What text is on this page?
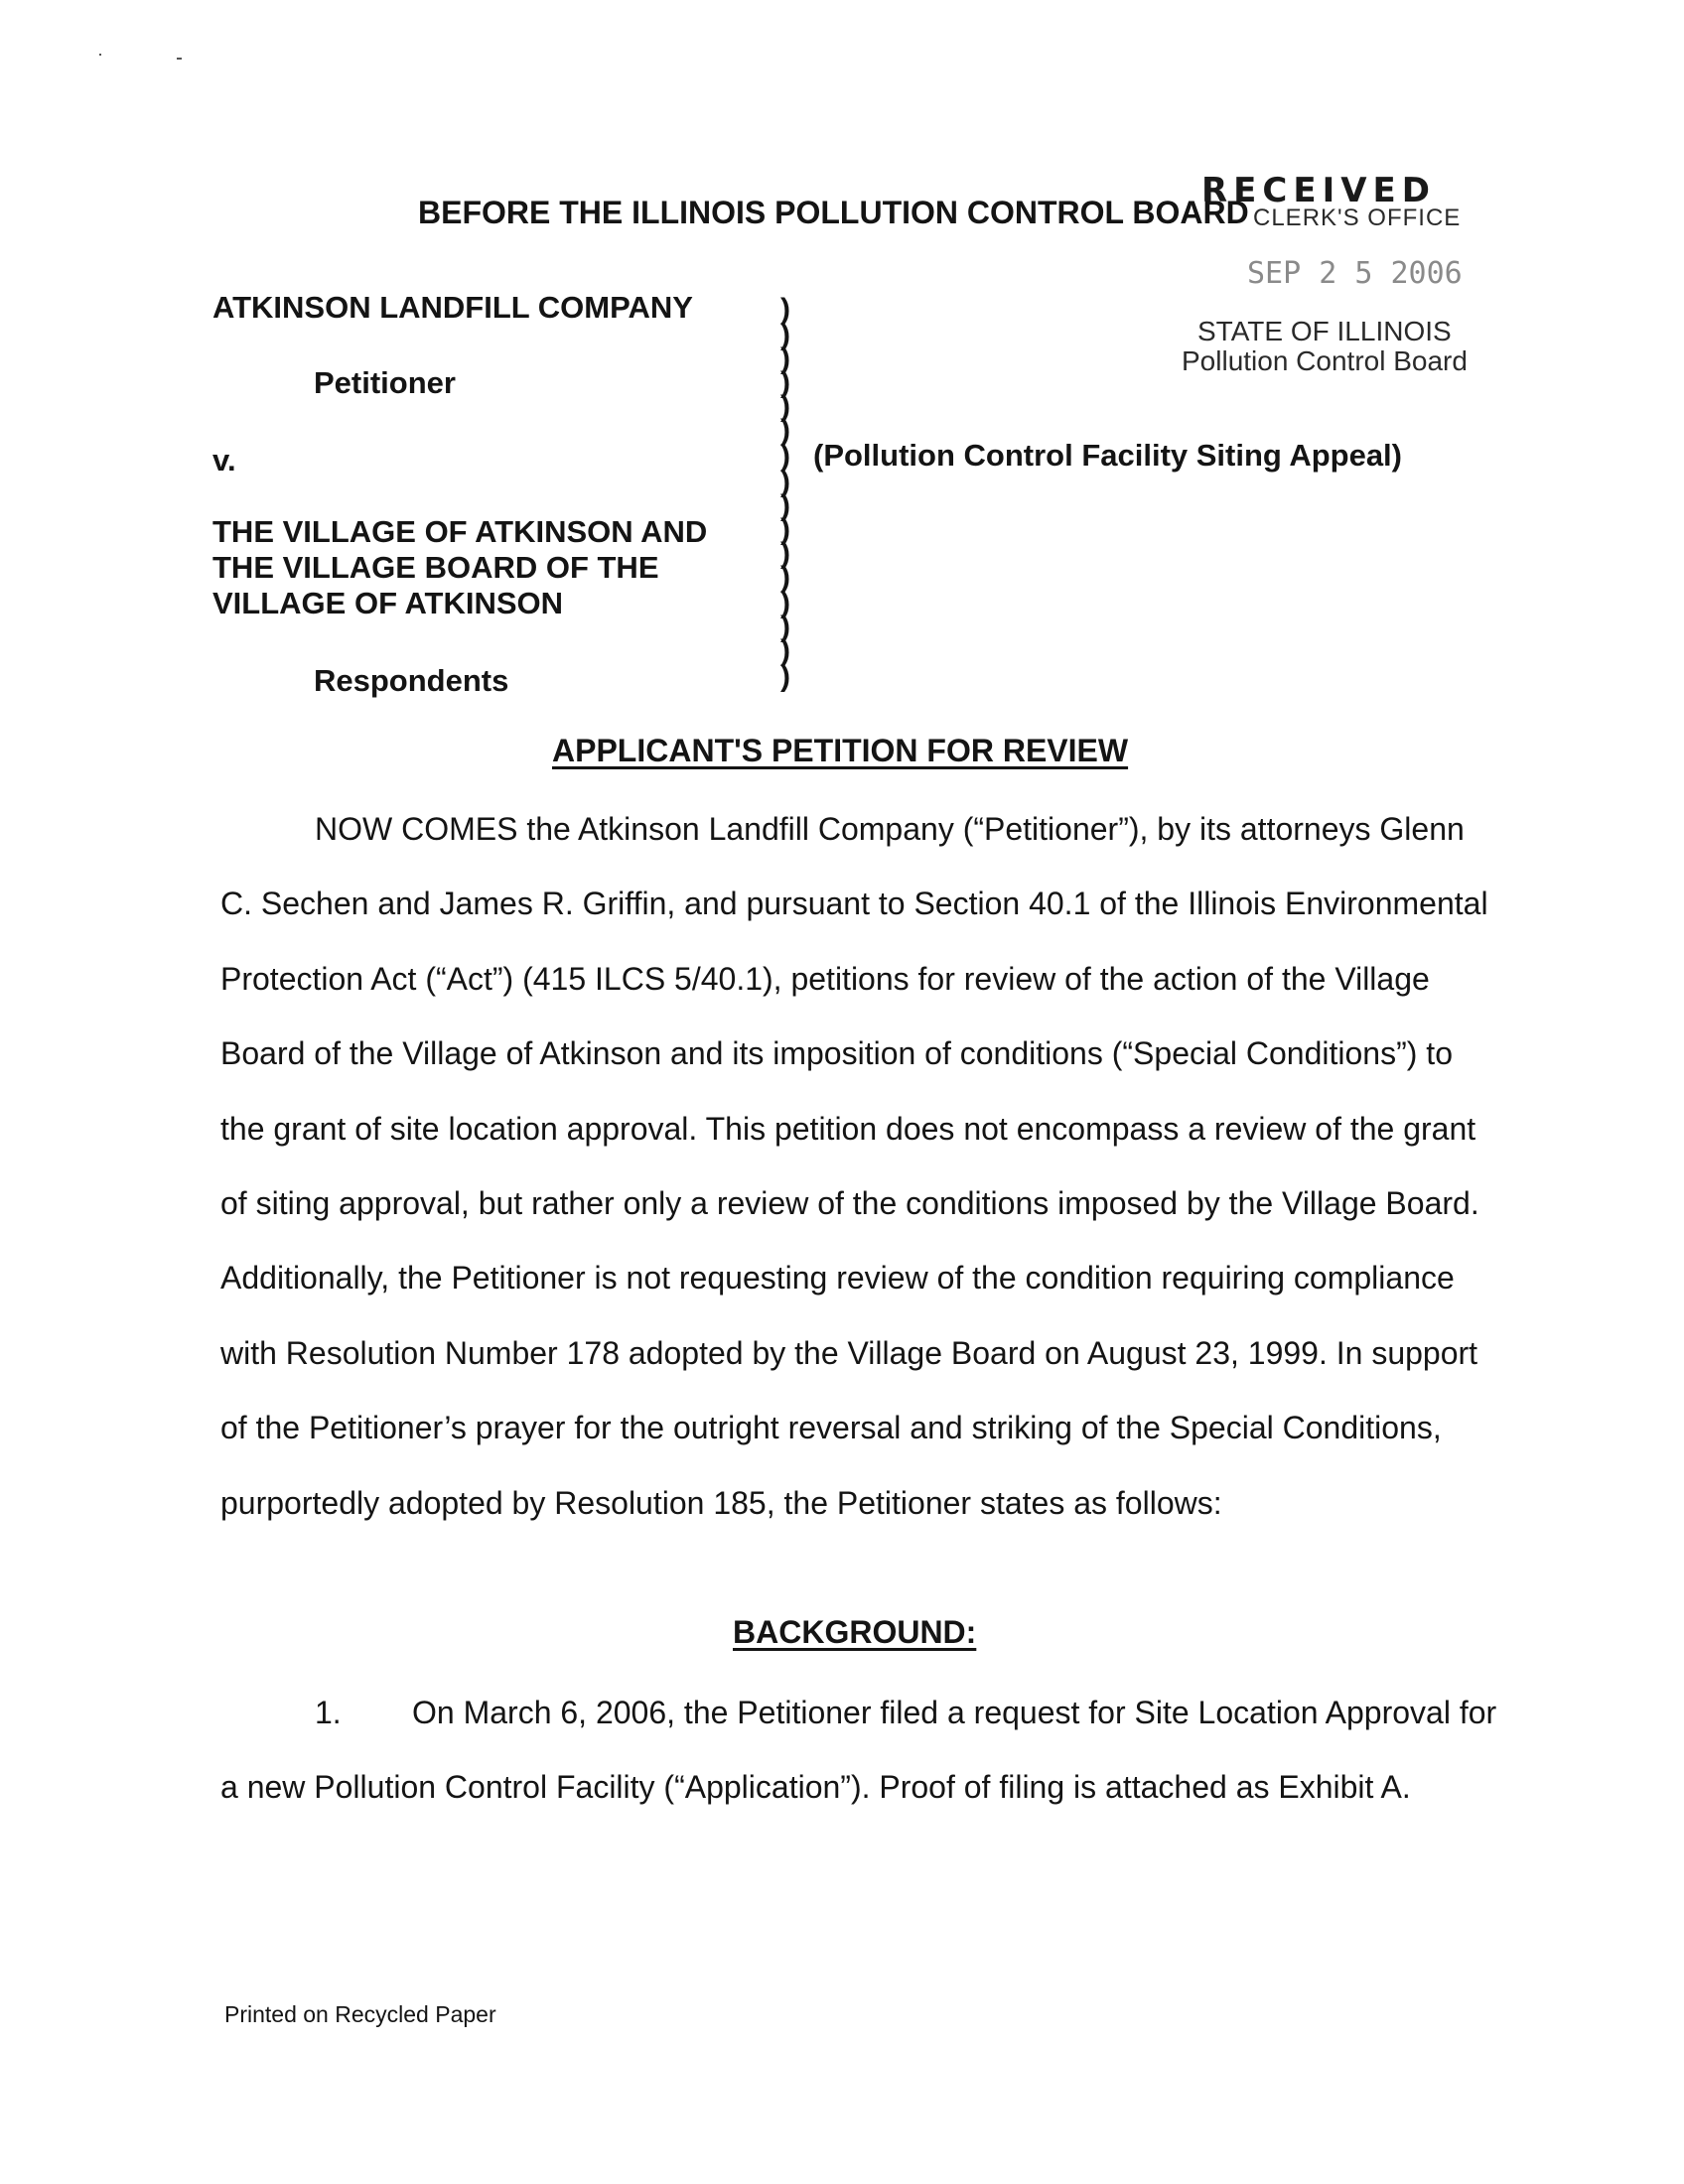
RECEIVED
CLERK'S OFFICE
SEP 2 5 2006
STATE OF ILLINOIS
Pollution Control Board
BEFORE THE ILLINOIS POLLUTION CONTROL BOARD
ATKINSON LANDFILL COMPANY
Petitioner
v.
THE VILLAGE OF ATKINSON AND
THE VILLAGE BOARD OF THE
VILLAGE OF ATKINSON
Respondents
)
)
)
)
)
)
)
)
)
)
)
)
)
)
)
)
(Pollution Control Facility Siting Appeal)
APPLICANT'S PETITION FOR REVIEW
NOW COMES the Atkinson Landfill Company (“Petitioner”), by its attorneys Glenn C. Sechen and James R. Griffin, and pursuant to Section 40.1 of the Illinois Environmental Protection Act (“Act”) (415 ILCS 5/40.1), petitions for review of the action of the Village Board of the Village of Atkinson and its imposition of conditions (“Special Conditions”) to the grant of site location approval. This petition does not encompass a review of the grant of siting approval, but rather only a review of the conditions imposed by the Village Board. Additionally, the Petitioner is not requesting review of the condition requiring compliance with Resolution Number 178 adopted by the Village Board on August 23, 1999. In support of the Petitioner’s prayer for the outright reversal and striking of the Special Conditions, purportedly adopted by Resolution 185, the Petitioner states as follows:
BACKGROUND:
1. On March 6, 2006, the Petitioner filed a request for Site Location Approval for a new Pollution Control Facility (“Application”). Proof of filing is attached as Exhibit A.
Printed on Recycled Paper
